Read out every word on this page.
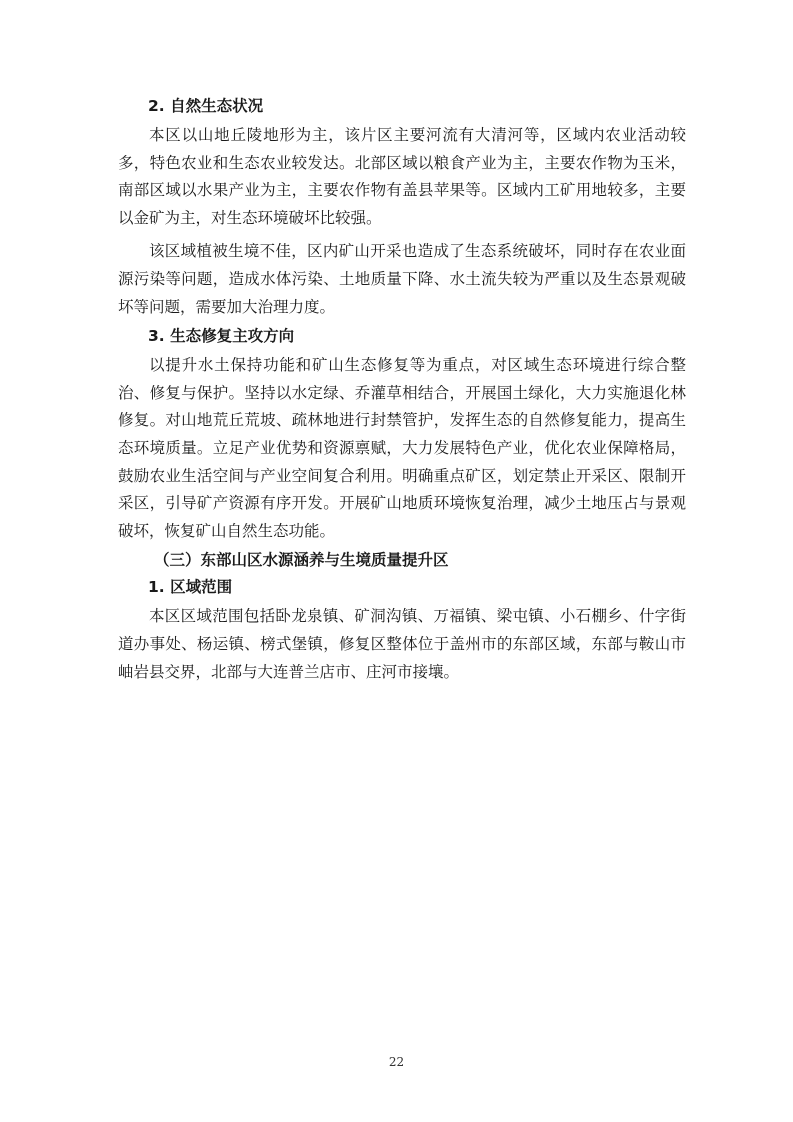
2. 自然生态状况

本区以山地丘陵地形为主，该片区主要河流有大清河等，区域内农业活动较多，特色农业和生态农业较发达。北部区域以粮食产业为主，主要农作物为玉米，南部区域以水果产业为主，主要农作物有盖县苹果等。区域内工矿用地较多，主要以金矿为主，对生态环境破坏比较强。

该区域植被生境不佳，区内矿山开采也造成了生态系统破坏，同时存在农业面源污染等问题，造成水体污染、土地质量下降、水土流失较为严重以及生态景观破坏等问题，需要加大治理力度。

3. 生态修复主攻方向

以提升水土保持功能和矿山生态修复等为重点，对区域生态环境进行综合整治、修复与保护。坚持以水定绿、乔灌草相结合，开展国土绿化，大力实施退化林修复。对山地荒丘荒坡、疏林地进行封禁管护，发挥生态的自然修复能力，提高生态环境质量。立足产业优势和资源禀赋，大力发展特色产业，优化农业保障格局，鼓励农业生活空间与产业空间复合利用。明确重点矿区，划定禁止开采区、限制开采区，引导矿产资源有序开发。开展矿山地质环境恢复治理，减少土地压占与景观破坏，恢复矿山自然生态功能。

（三）东部山区水源涵养与生境质量提升区

1. 区域范围

本区区域范围包括卧龙泉镇、矿洞沟镇、万福镇、梁屯镇、小石棚乡、什字街道办事处、杨运镇、榜式堡镇，修复区整体位于盖州市的东部区域，东部与鞍山市岫岩县交界，北部与大连普兰店市、庄河市接壤。

22
